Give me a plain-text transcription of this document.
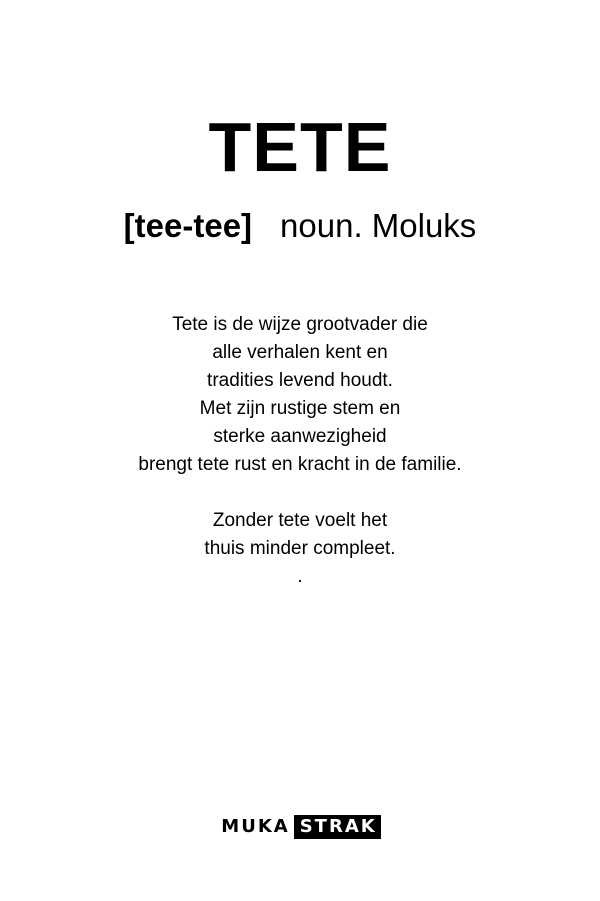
TETE
[tee-tee] noun. Moluks
Tete is de wijze grootvader die
alle verhalen kent en
tradities levend houdt.
Met zijn rustige stem en
sterke aanwezigheid
brengt tete rust en kracht in de familie.
Zonder tete voelt het
thuis minder compleet.
.
MUKA STRAK
